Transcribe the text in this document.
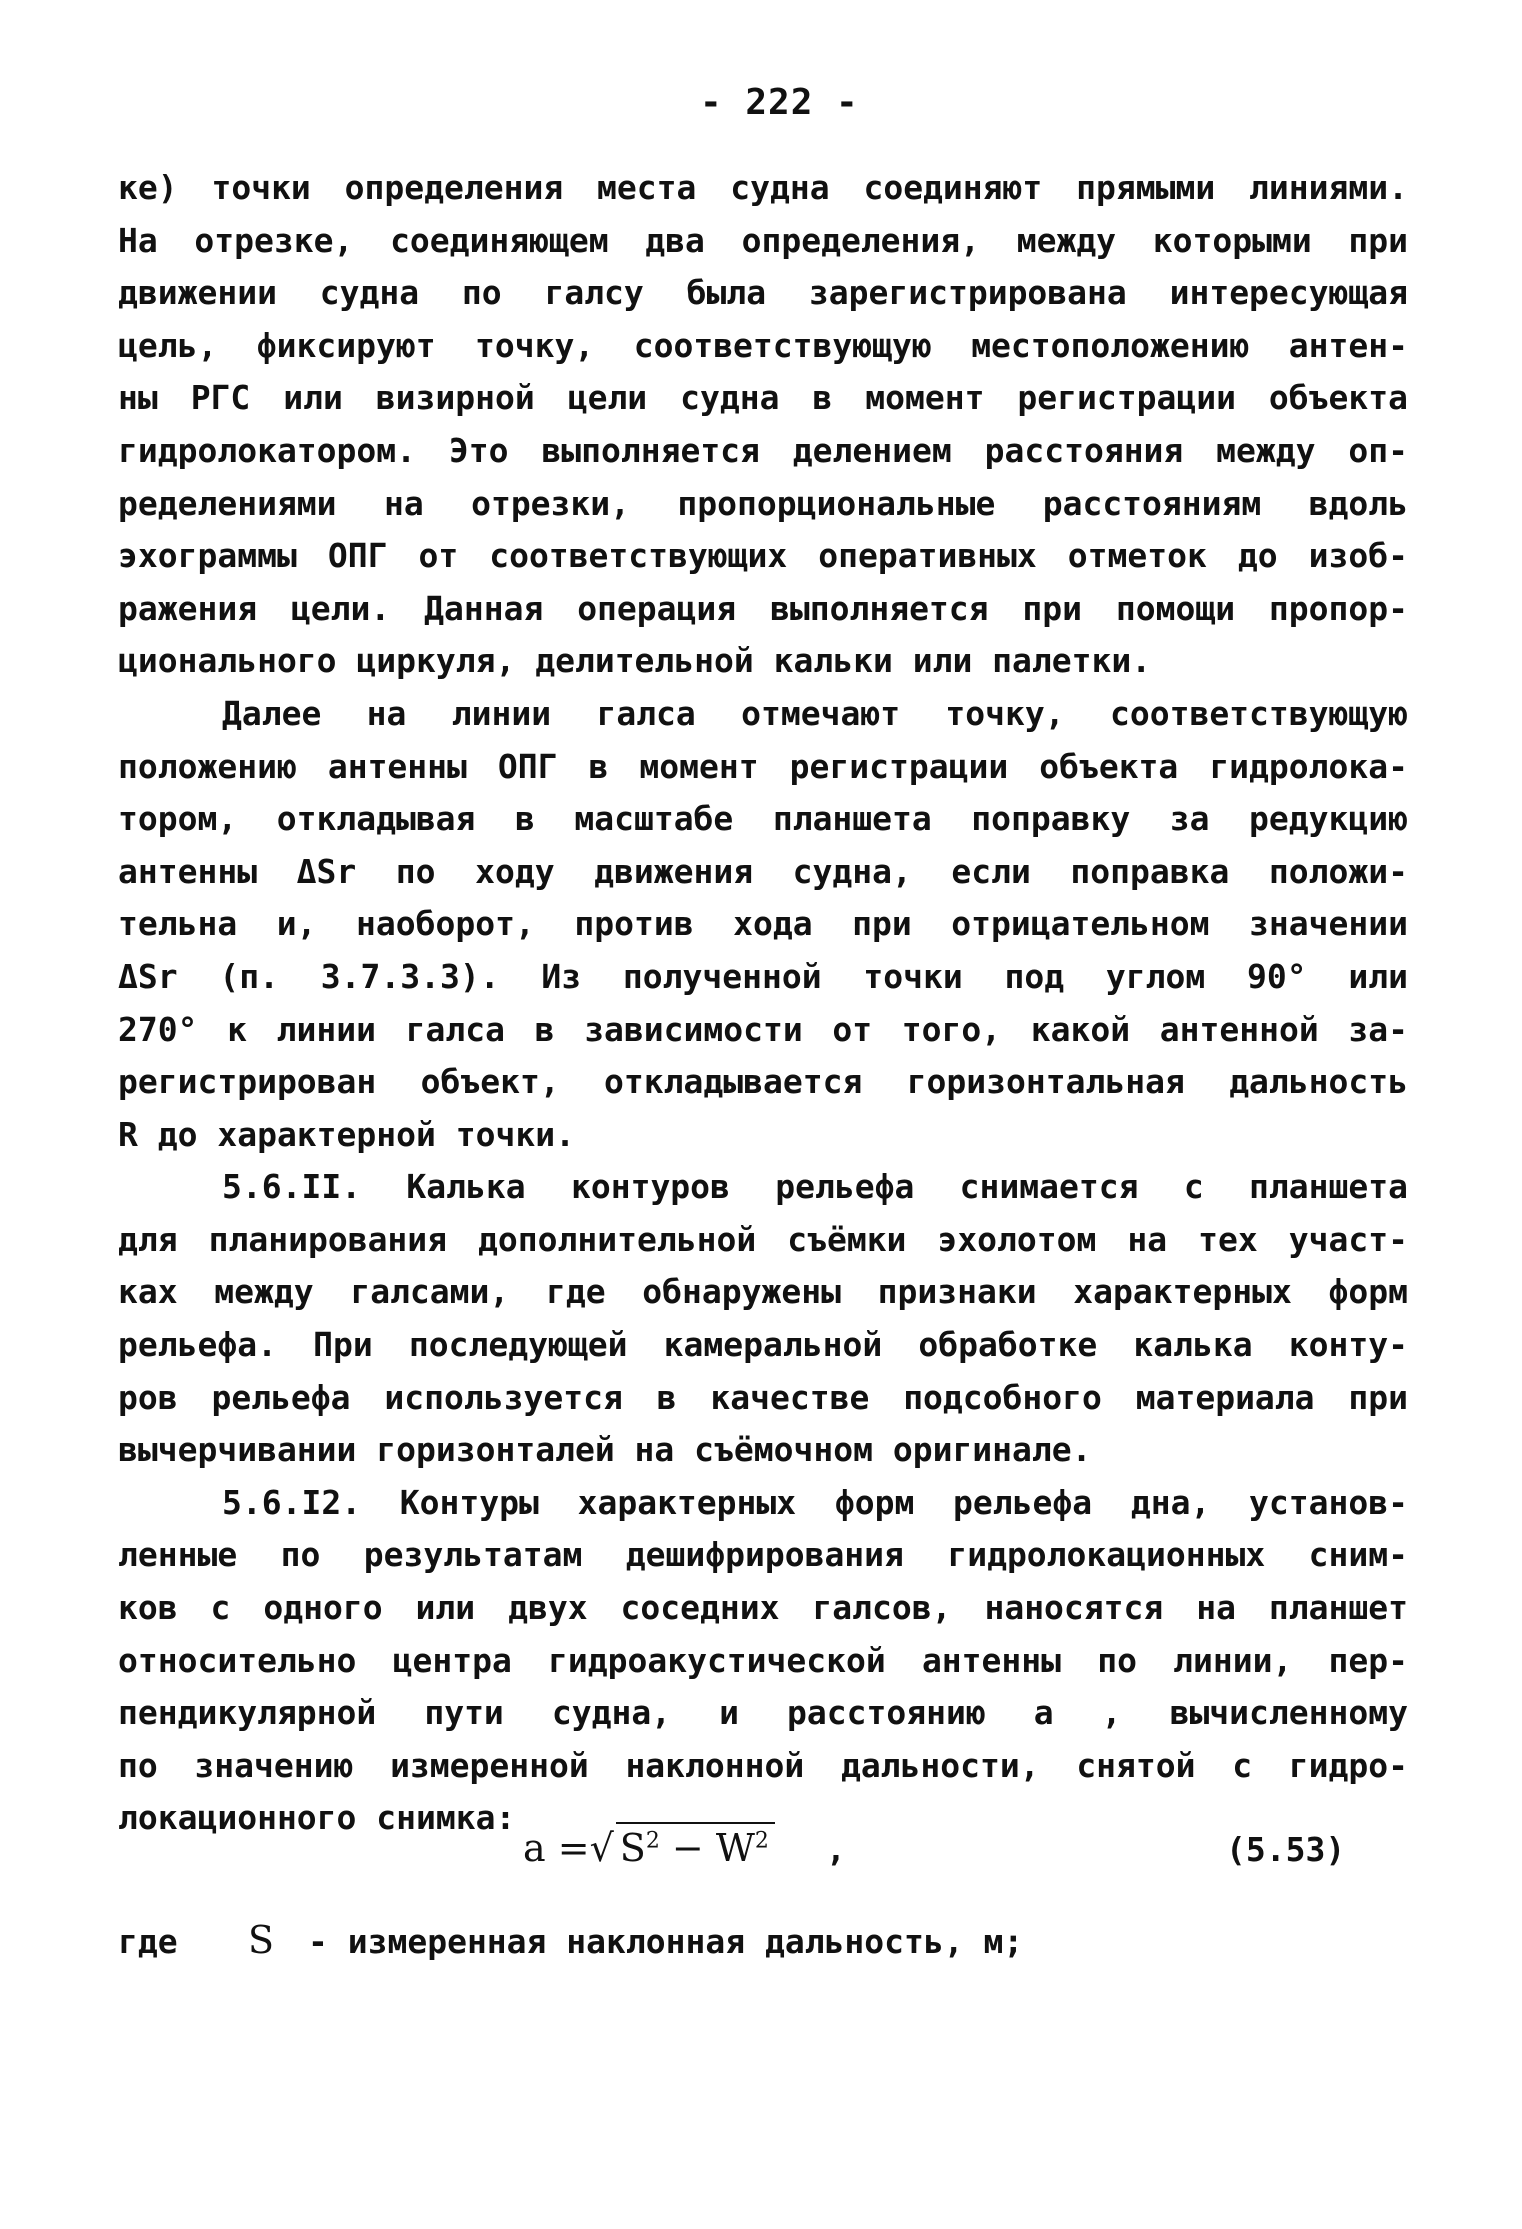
- 222 -
ке) точки определения места судна соединяют прямыми линиями.
На отрезке, соединяющем два определения, между которыми при
движении судна по галсу была зарегистрирована интересующая
цель, фиксируют точку, соответствующую местоположению антен-
ны РГС или визирной цели судна в момент регистрации объекта
гидролокатором. Это выполняется делением расстояния между оп-
ределениями на отрезки, пропорциональные расстояниям вдоль
эхограммы ОПГ от соответствующих оперативных отметок до изоб-
ражения цели. Данная операция выполняется при помощи пропор-
ционального циркуля, делительной кальки или палетки.
Далее на линии галса отмечают точку, соответствующую
положению антенны ОПГ в момент регистрации объекта гидролока-
тором, откладывая в масштабе планшета поправку за редукцию
антенны ΔSr по ходу движения судна, если поправка положи-
тельна и, наоборот, против хода при отрицательном значении
ΔSr (п. 3.7.3.3). Из полученной точки под углом 90° или
270° к линии галса в зависимости от того, какой антенной за-
регистрирован объект, откладывается горизонтальная дальность
R до характерной точки.
5.6.II. Калька контуров рельефа снимается с планшета
для планирования дополнительной съёмки эхолотом на тех участ-
ках между галсами, где обнаружены признаки характерных форм
рельефа. При последующей камеральной обработке калька конту-
ров рельефа используется в качестве подсобного материала при
вычерчивании горизонталей на съёмочном оригинале.
5.6.I2. Контуры характерных форм рельефа дна, установ-
ленные по результатам дешифрирования гидролокационных сним-
ков с одного или двух соседних галсов, наносятся на планшет
относительно центра гидроакустической антенны по линии, пер-
пендикулярной пути судна, и расстоянию a , вычисленному
по значению измеренной наклонной дальности, снятой с гидро-
локационного снимка:
a =√ $S^2 - W^2$ ,	(5.53)
где S - измеренная наклонная дальность, м;
